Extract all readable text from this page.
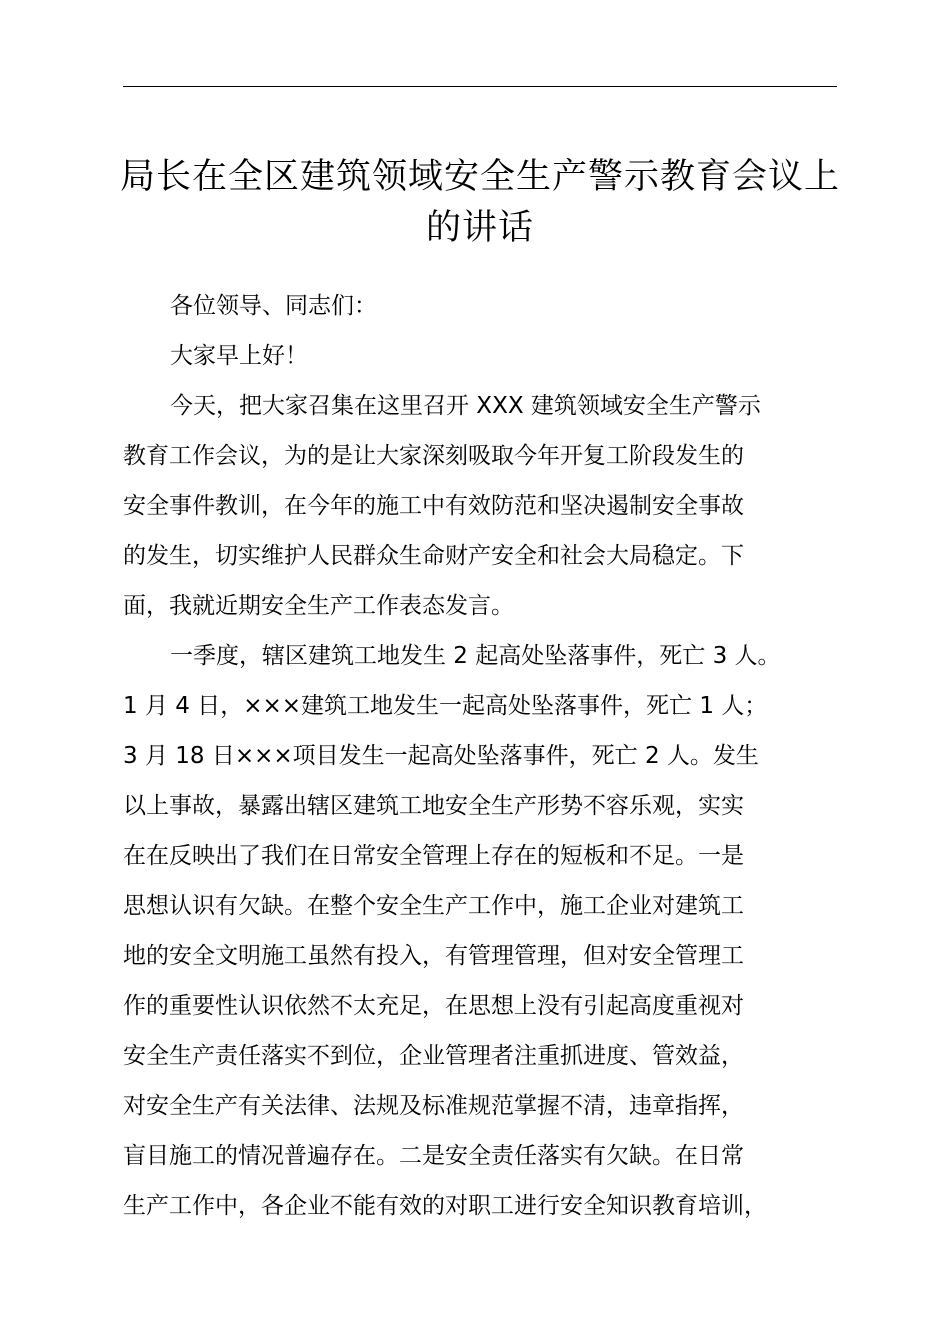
局长在全区建筑领域安全生产警示教育会议上
的讲话
各位领导、同志们：
大家早上好！
今天，把大家召集在这里召开 XXX 建筑领域安全生产警示
教育工作会议，为的是让大家深刻吸取今年开复工阶段发生的
安全事件教训，在今年的施工中有效防范和坚决遏制安全事故
的发生，切实维护人民群众生命财产安全和社会大局稳定。下
面，我就近期安全生产工作表态发言。
一季度，辖区建筑工地发生 2 起高处坠落事件，死亡 3 人。
1 月 4 日，×××建筑工地发生一起高处坠落事件，死亡 1 人；
3 月 18 日×××项目发生一起高处坠落事件，死亡 2 人。发生
以上事故，暴露出辖区建筑工地安全生产形势不容乐观，实实
在在反映出了我们在日常安全管理上存在的短板和不足。一是
思想认识有欠缺。在整个安全生产工作中，施工企业对建筑工
地的安全文明施工虽然有投入，有管理管理，但对安全管理工
作的重要性认识依然不太充足，在思想上没有引起高度重视对
安全生产责任落实不到位，企业管理者注重抓进度、管效益，
对安全生产有关法律、法规及标准规范掌握不清，违章指挥，
盲目施工的情况普遍存在。二是安全责任落实有欠缺。在日常
生产工作中，各企业不能有效的对职工进行安全知识教育培训，
